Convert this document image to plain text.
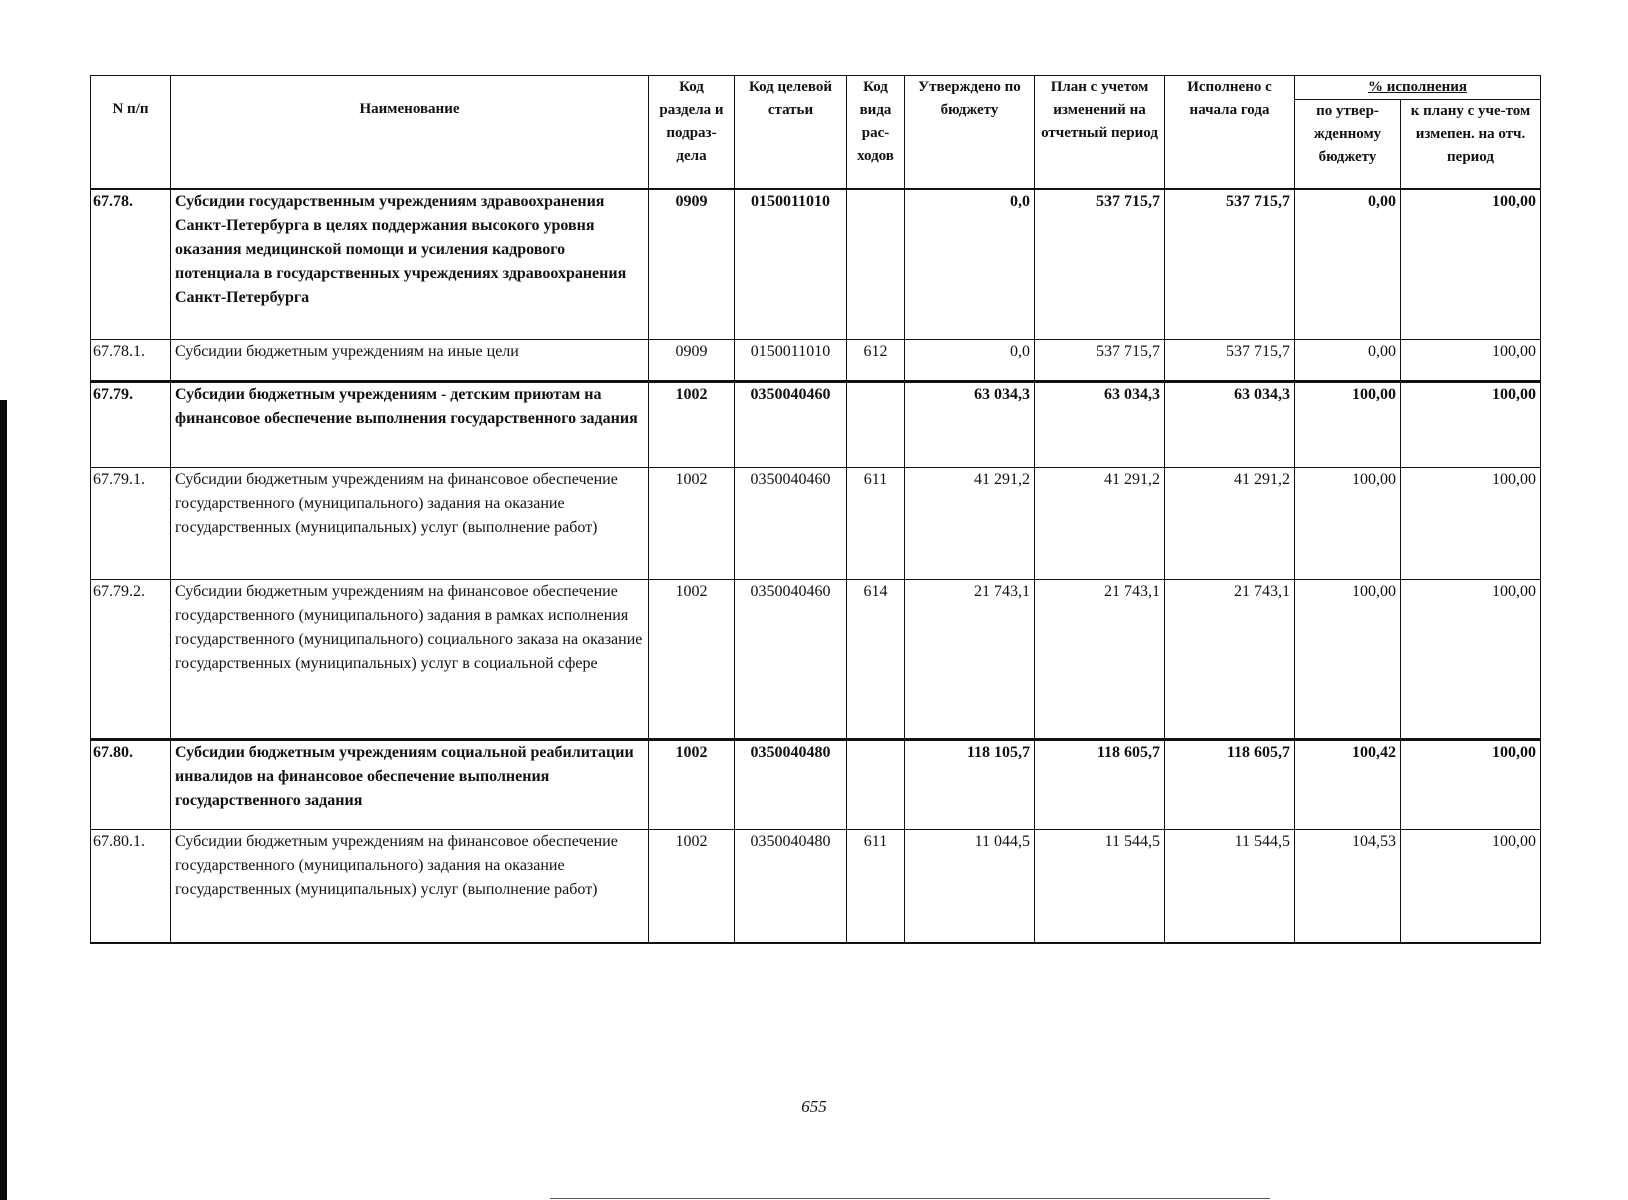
N п/п	Наименование	Код раздела и подраз-дела	Код целевой статьи	Код вида рас-ходов	Утверждено по бюджету	План с учетом изменений на отчетный период	Исполнено с начала года	% исполнения	
								по утвер-жденному бюджету	к плану с уче-том измепен. на отч. период
67.78.	Субсидии государственным учреждениям здравоохранения Санкт-Петербурга в целях поддержания высокого уровня оказания медицинской помощи и усиления кадрового потенциала в государственных учреждениях здравоохранения Санкт-Петербурга	0909	0150011010		0,0	537 715,7	537 715,7	0,00	100,00
67.78.1.	Субсидии бюджетным учреждениям на иные цели	0909	0150011010	612	0,0	537 715,7	537 715,7	0,00	100,00
67.79.	Субсидии бюджетным учреждениям - детским приютам на финансовое обеспечение выполнения государственного задания	1002	0350040460		63 034,3	63 034,3	63 034,3	100,00	100,00
67.79.1.	Субсидии бюджетным учреждениям на финансовое обеспечение государственного (муниципального) задания на оказание государственных (муниципальных) услуг (выполнение работ)	1002	0350040460	611	41 291,2	41 291,2	41 291,2	100,00	100,00
67.79.2.	Субсидии бюджетным учреждениям на финансовое обеспечение государственного (муниципального) задания в рамках исполнения государственного (муниципального) социального заказа на оказание государственных (муниципальных) услуг в социальной сфере	1002	0350040460	614	21 743,1	21 743,1	21 743,1	100,00	100,00
67.80.	Субсидии бюджетным учреждениям социальной реабилитации инвалидов на финансовое обеспечение выполнения государственного задания	1002	0350040480		118 105,7	118 605,7	118 605,7	100,42	100,00
67.80.1.	Субсидии бюджетным учреждениям на финансовое обеспечение государственного (муниципального) задания на оказание государственных (муниципальных) услуг (выполнение работ)	1002	0350040480	611	11 044,5	11 544,5	11 544,5	104,53	100,00
655
